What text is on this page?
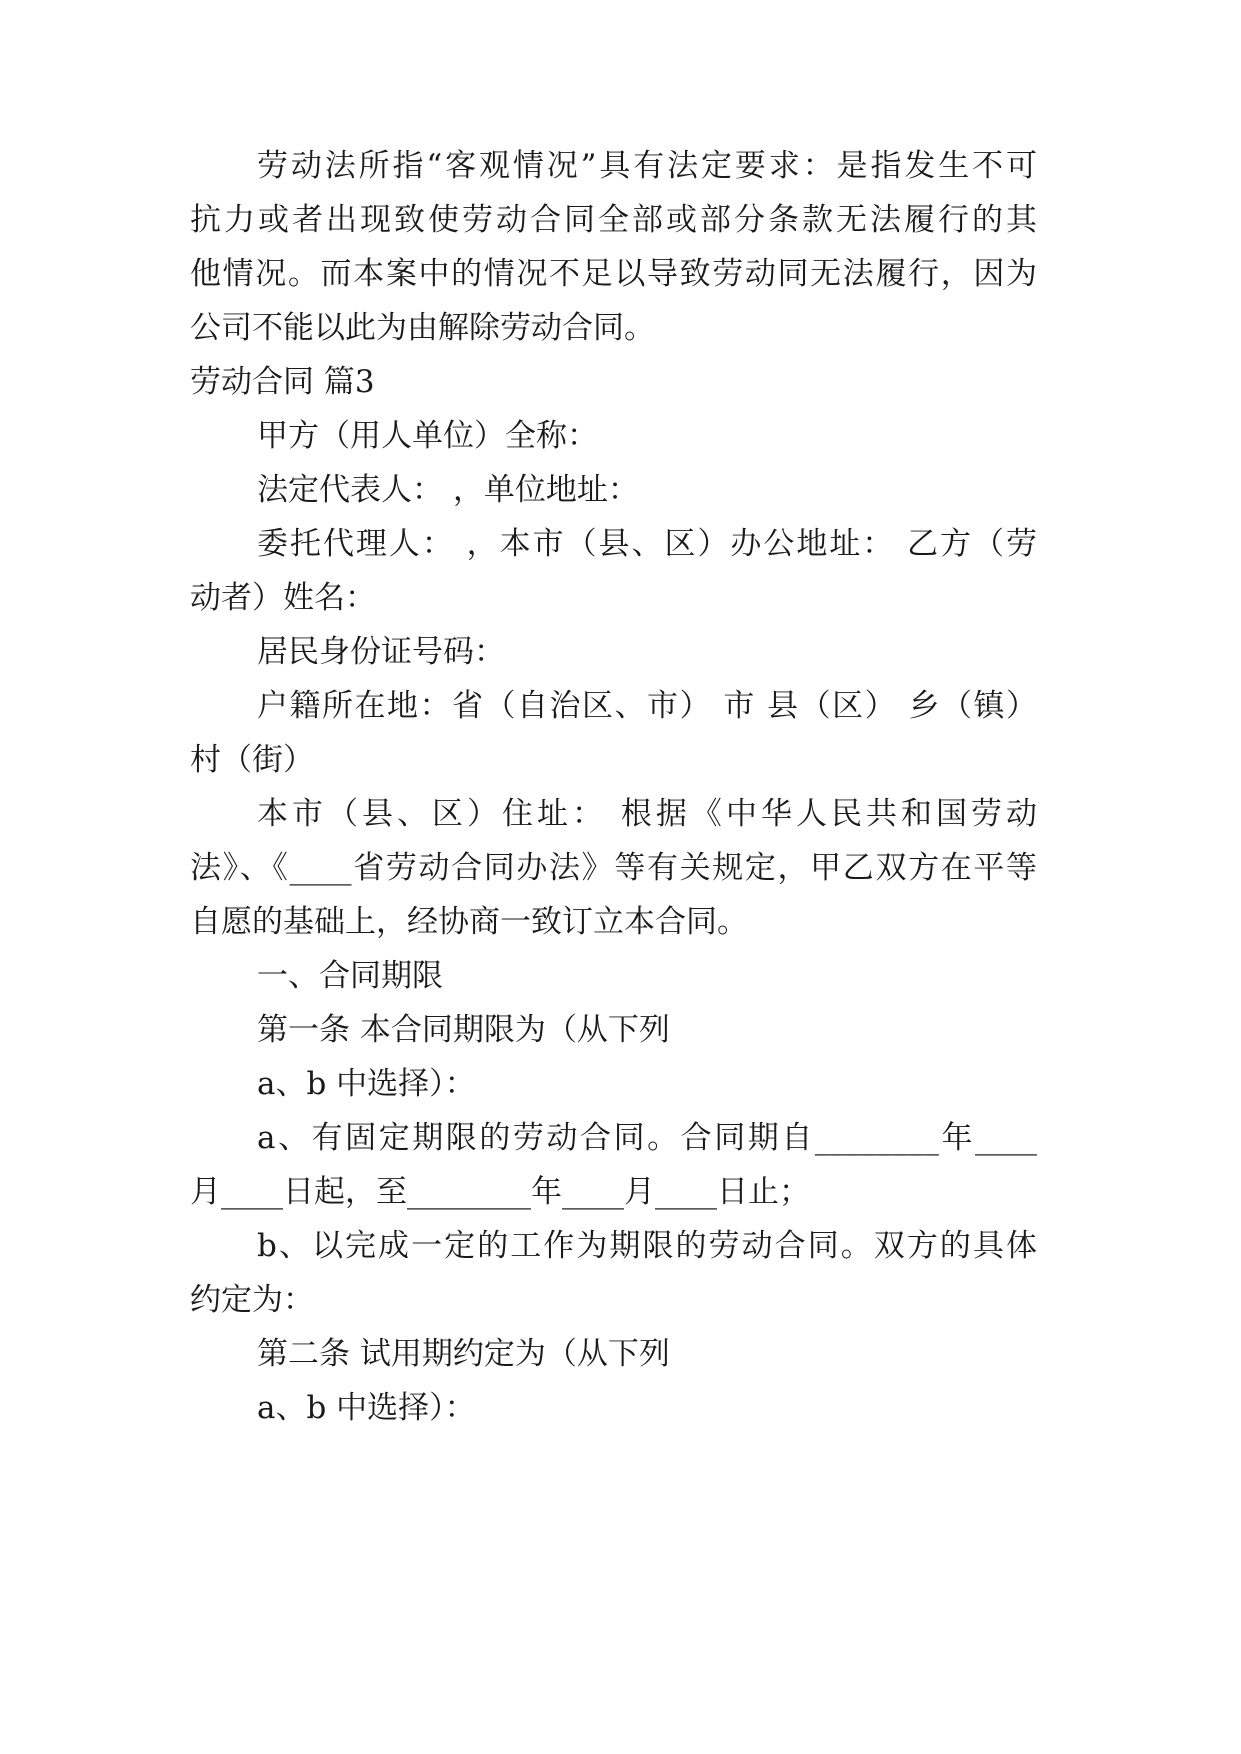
劳动法所指“客观情况”具有法定要求：是指发生不可
抗力或者出现致使劳动合同全部或部分条款无法履行的其
他情况。而本案中的情况不足以导致劳动同无法履行，因为
公司不能以此为由解除劳动合同。
劳动合同 篇3
甲方（用人单位）全称：
法定代表人： ，单位地址：
委托代理人： ，本市（县、区）办公地址： 乙方（劳
动者）姓名：
居民身份证号码：
户籍所在地：省（自治区、市） 市 县（区） 乡（镇）
村（街）
本市（县、区）住址： 根据《中华人民共和国劳动
法》、《____省劳动合同办法》等有关规定，甲乙双方在平等
自愿的基础上，经协商一致订立本合同。
一、合同期限
第一条 本合同期限为（从下列
a、b 中选择）：
a、有固定期限的劳动合同。合同期自________年____
月____日起，至________年____月____日止；
b、以完成一定的工作为期限的劳动合同。双方的具体
约定为：
第二条 试用期约定为（从下列
a、b 中选择）：
